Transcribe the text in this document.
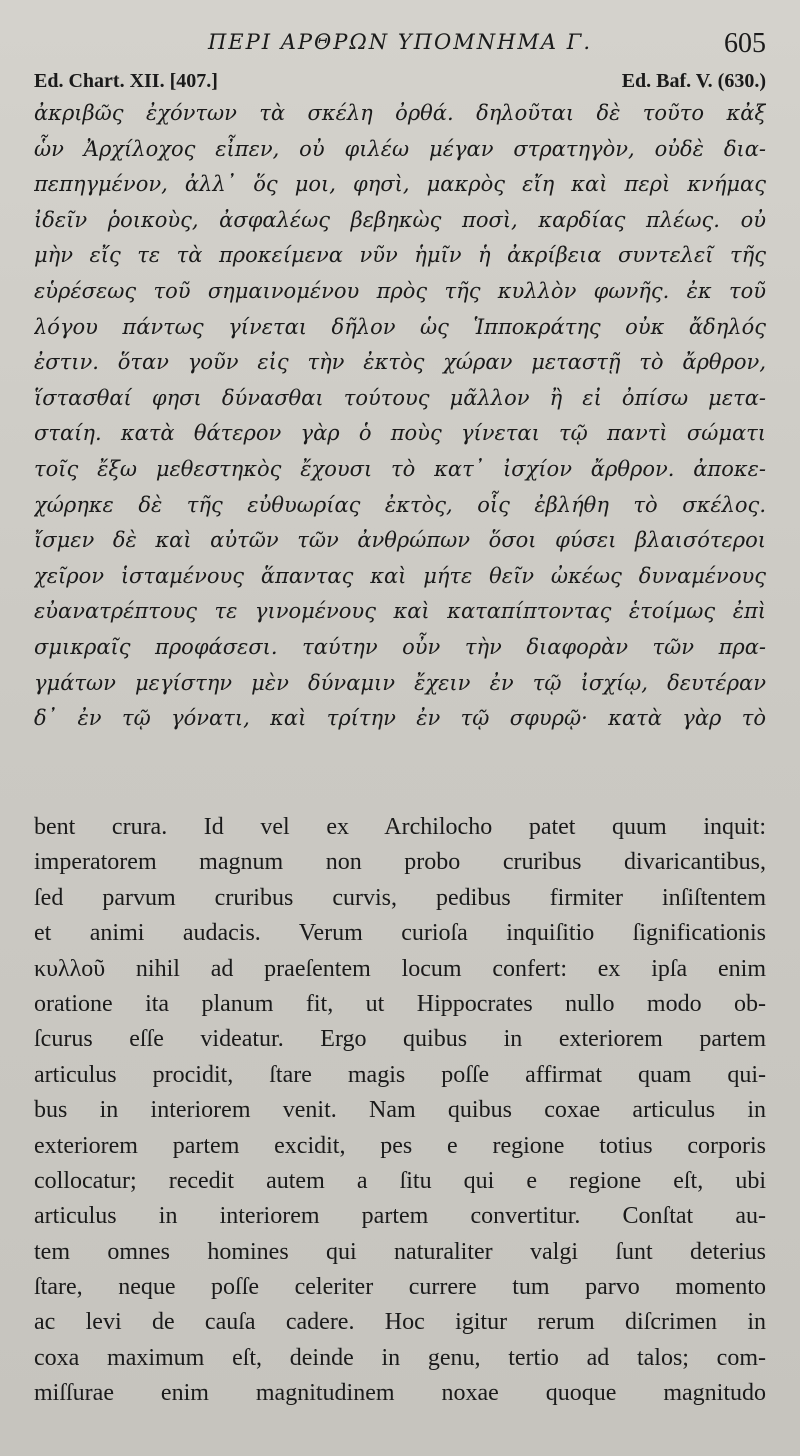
ΠΕΡΙ ΑΡΘΡΩΝ ΥΠΟΜΝΗΜΑ Γ.	605
Ed. Chart. XII. [407.]	Ed. Baf. V. (630.)
ἀκριβῶς ἐχόντων τὰ σκέλη ὀρθά. δηλοῦται δὲ τοῦτο κἀξ
ὧν Ἀρχίλοχος εἶπεν, οὐ φιλέω μέγαν στρατηγὸν, οὐδὲ δια-
πεπηγμένον, ἀλλ᾽ ὅς μοι, φησὶ, μακρὸς εἴη καὶ περὶ κνήμας
ἰδεῖν ῥοικοὺς, ἀσφαλέως βεβηκὼς ποσὶ, καρδίας πλέως. οὐ
μὴν εἴς τε τὰ προκείμενα νῦν ἡμῖν ἡ ἀκρίβεια συντελεῖ τῆς
εὑρέσεως τοῦ σημαινομένου πρὸς τῆς κυλλὸν φωνῆς. ἐκ τοῦ
λόγου πάντως γίνεται δῆλον ὡς Ἱπποκράτης οὐκ ἄδηλός
ἐστιν. ὅταν γοῦν εἰς τὴν ἐκτὸς χώραν μεταστῇ τὸ ἄρθρον,
ἵστασθαί φησι δύνασθαι τούτους μᾶλλον ἢ εἰ ὀπίσω μετα-
σταίη. κατὰ θάτερον γὰρ ὁ ποὺς γίνεται τῷ παντὶ σώματι
τοῖς ἔξω μεθεστηκὸς ἔχουσι τὸ κατ᾽ ἰσχίον ἄρθρον. ἀποκε-
χώρηκε δὲ τῆς εὐθυωρίας ἐκτὸς, οἷς ἐβλήθη τὸ σκέλος.
ἴσμεν δὲ καὶ αὐτῶν τῶν ἀνθρώπων ὅσοι φύσει βλαισότεροι
χεῖρον ἱσταμένους ἅπαντας καὶ μήτε θεῖν ὠκέως δυναμένους
εὐανατρέπτους τε γινομένους καὶ καταπίπτοντας ἑτοίμως ἐπὶ
σμικραῖς προφάσεσι. ταύτην οὖν τὴν διαφορὰν τῶν πρα-
γμάτων μεγίστην μὲν δύναμιν ἔχειν ἐν τῷ ἰσχίῳ, δευτέραν
δ᾽ ἐν τῷ γόνατι, καὶ τρίτην ἐν τῷ σφυρῷ· κατὰ γὰρ τὸ
bent crura. Id vel ex Archilocho patet quum inquit:
imperatorem magnum non probo cruribus divaricantibus,
ſed parvum cruribus curvis, pedibus firmiter inſiſtentem
et animi audacis. Verum curioſa inquiſitio ſignificationis
κυλλοῦ nihil ad praeſentem locum confert: ex ipſa enim
oratione ita planum fit, ut Hippocrates nullo modo ob-
ſcurus eſſe videatur. Ergo quibus in exteriorem partem
articulus procidit, ſtare magis poſſe affirmat quam qui-
bus in interiorem venit. Nam quibus coxae articulus in
exteriorem partem excidit, pes e regione totius corporis
collocatur; recedit autem a ſitu qui e regione eſt, ubi
articulus in interiorem partem convertitur. Conſtat au-
tem omnes homines qui naturaliter valgi ſunt deterius
ſtare, neque poſſe celeriter currere tum parvo momento
ac levi de cauſa cadere. Hoc igitur rerum diſcrimen in
coxa maximum eſt, deinde in genu, tertio ad talos; com-
miſſurae enim magnitudinem noxae quoque magnitudo
